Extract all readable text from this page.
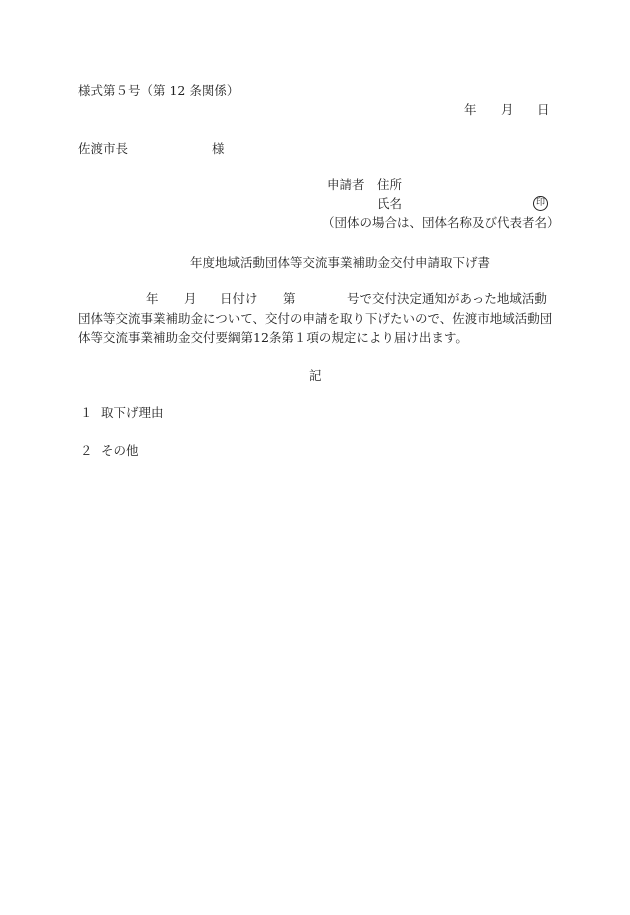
様式第５号（第 12 条関係）
年 月 日
佐渡市長	様
申請者 住所
氏名	印
（団体の場合は、団体名称及び代表者名）
年度地域活動団体等交流事業補助金交付申請取下げ書
年 月 日付け 第	号で交付決定通知があった地域活動
団体等交流事業補助金について、交付の申請を取り下げたいので、佐渡市地域活動団
体等交流事業補助金交付要綱第12条第１項の規定により届け出ます。
記
１ 取下げ理由
２ その他
